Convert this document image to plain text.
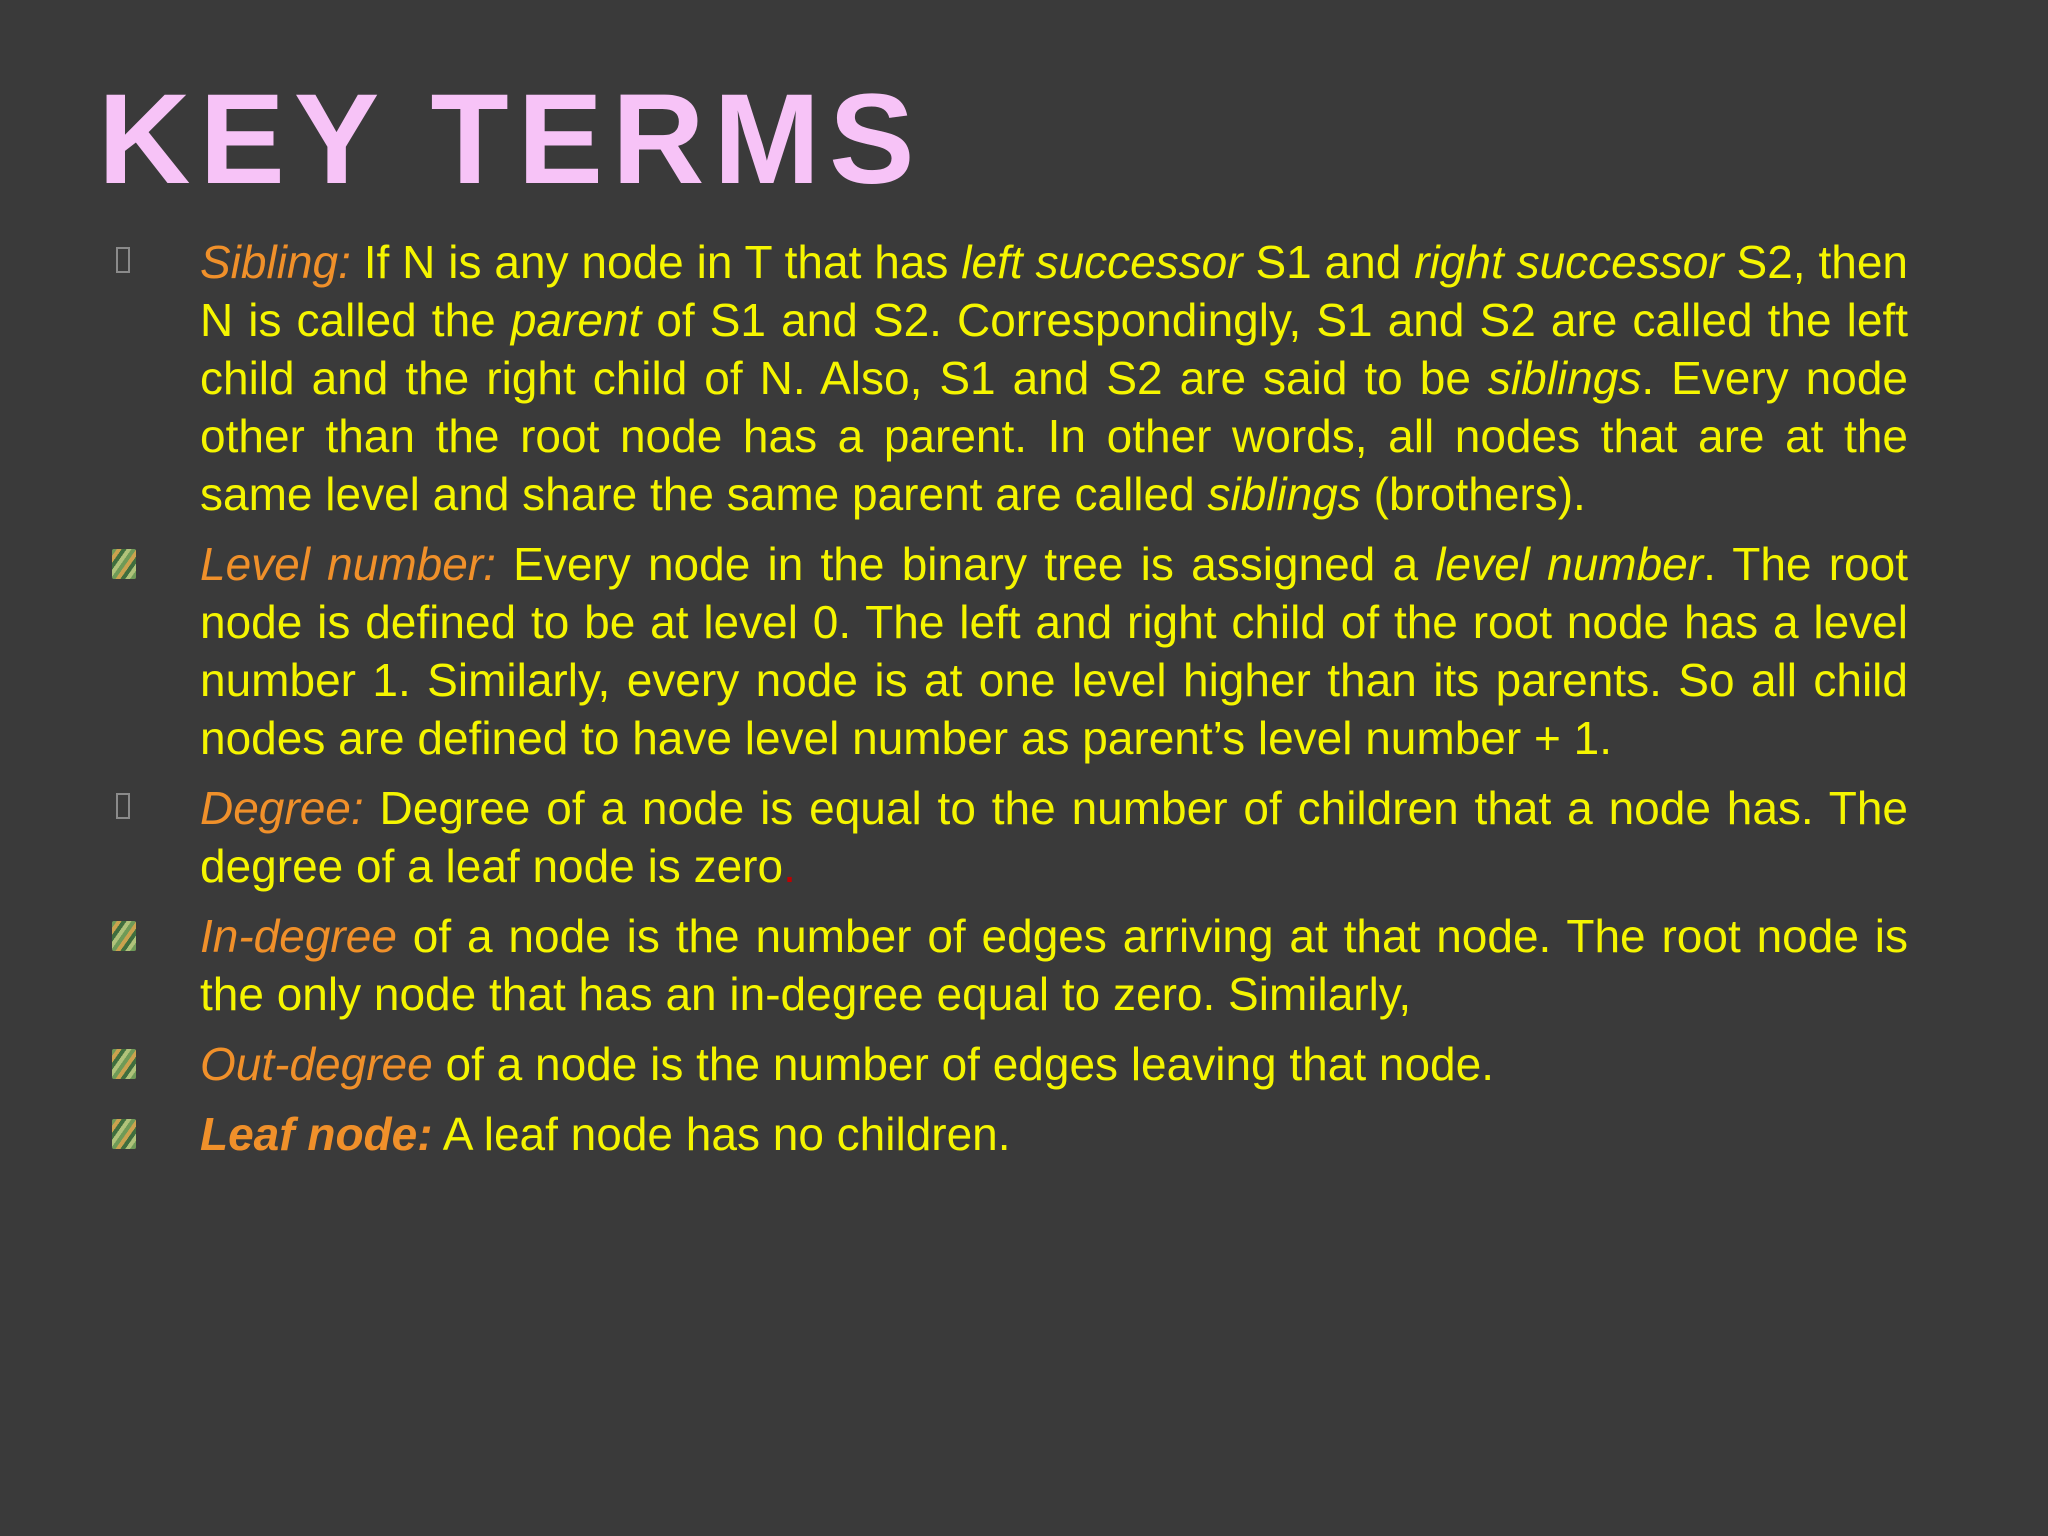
KEY TERMS

Sibling: If N is any node in T that has left successor S1 and right successor S2, then N is called the parent of S1 and S2. Correspondingly, S1 and S2 are called the left child and the right child of N. Also, S1 and S2 are said to be siblings. Every node other than the root node has a parent. In other words, all nodes that are at the same level and share the same parent are called siblings (brothers).

Level number: Every node in the binary tree is assigned a level number. The root node is defined to be at level 0. The left and right child of the root node has a level number 1. Similarly, every node is at one level higher than its parents. So all child nodes are defined to have level number as parent’s level number + 1.

Degree: Degree of a node is equal to the number of children that a node has. The degree of a leaf node is zero.

In-degree of a node is the number of edges arriving at that node. The root node is the only node that has an in-degree equal to zero. Similarly,

Out-degree of a node is the number of edges leaving that node.

Leaf node: A leaf node has no children.
